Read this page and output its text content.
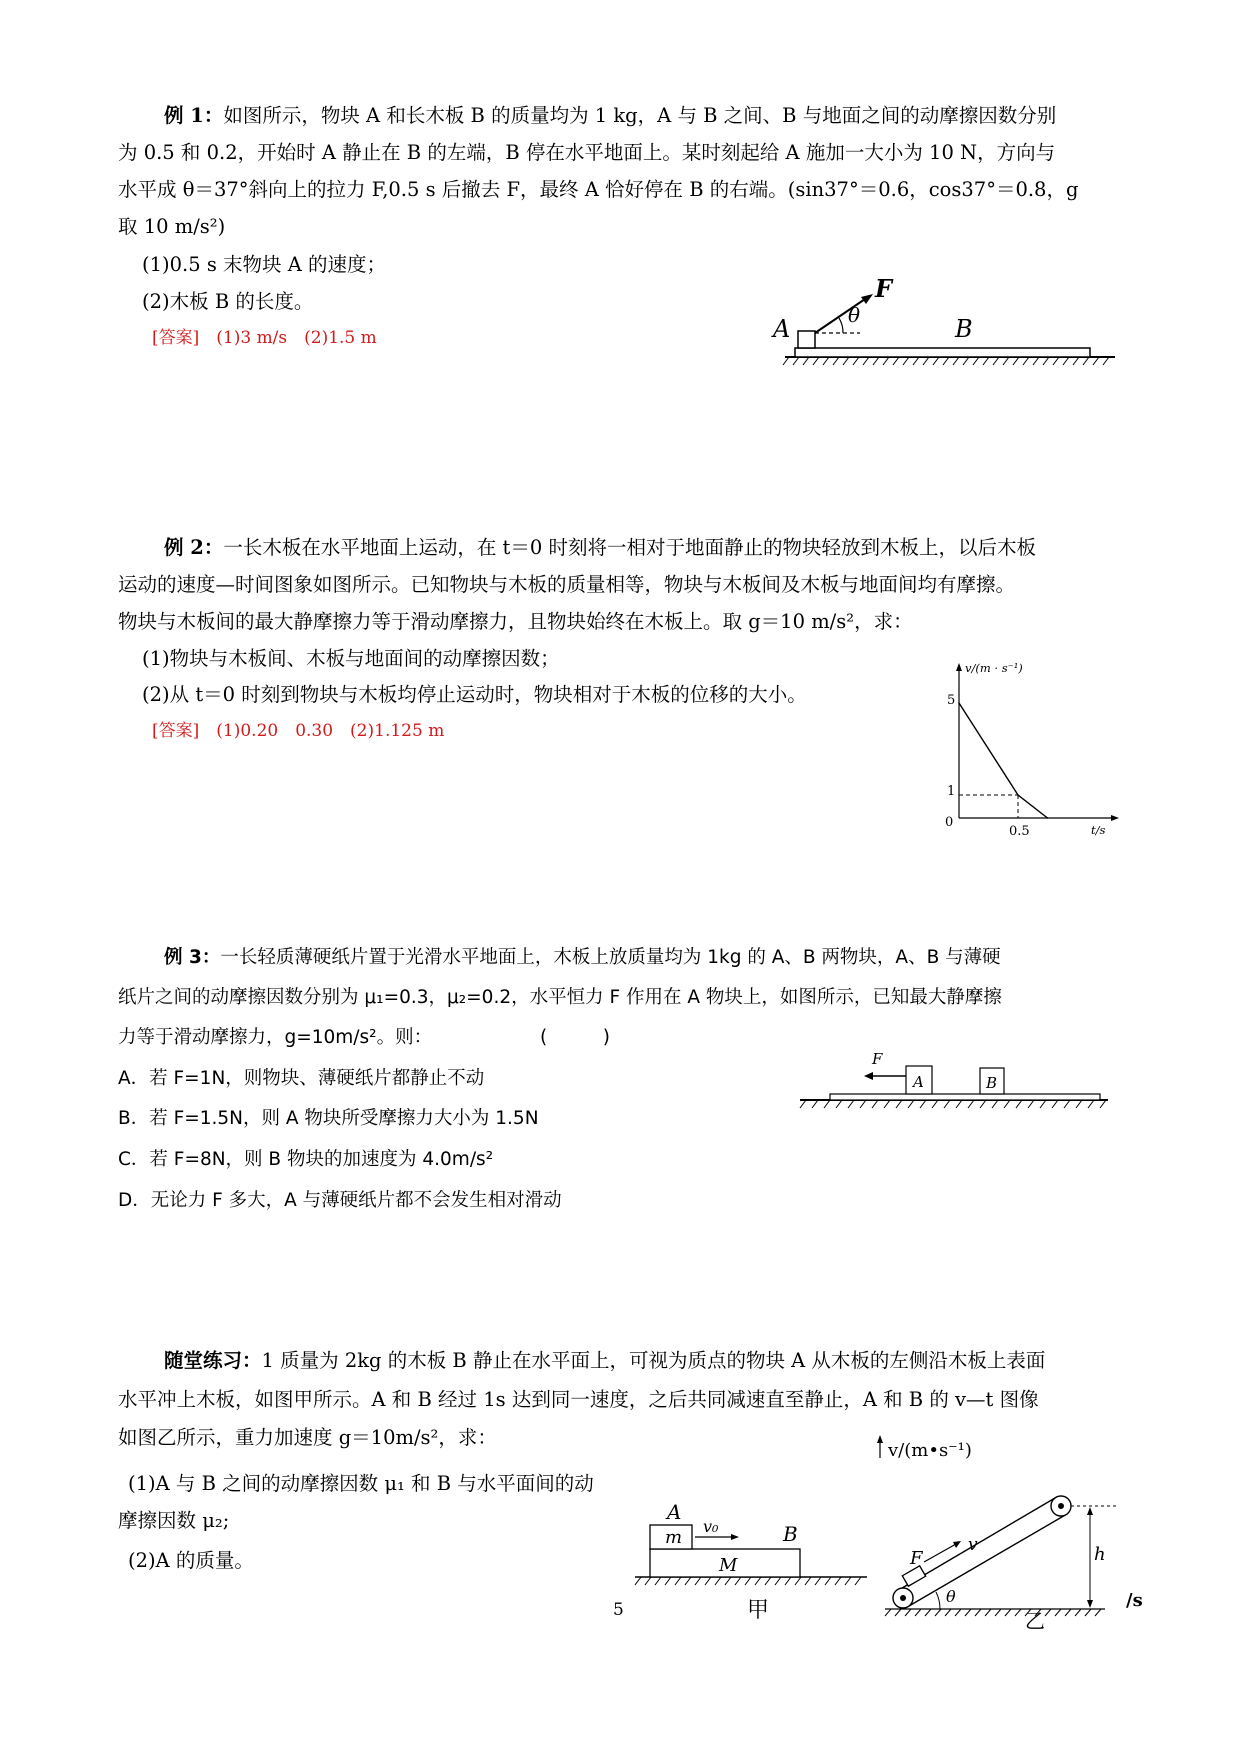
例 1：如图所示，物块 A 和长木板 B 的质量均为 1 kg，A 与 B 之间、B 与地面之间的动摩擦因数分别
为 0.5 和 0.2，开始时 A 静止在 B 的左端，B 停在水平地面上。某时刻起给 A 施加一大小为 10 N，方向与
水平成 θ＝37°斜向上的拉力 F,0.5 s 后撤去 F，最终 A 恰好停在 B 的右端。(sin37°＝0.6，cos37°＝0.8，g
取 10 m/s²)
(1)0.5 s 末物块 A 的速度；
(2)木板 B 的长度。
[答案]　(1)3 m/s　(2)1.5 m	A
F
θ	B
例 2：一长木板在水平地面上运动，在 t＝0 时刻将一相对于地面静止的物块轻放到木板上，以后木板
运动的速度—时间图象如图所示。已知物块与木板的质量相等，物块与木板间及木板与地面间均有摩擦。
物块与木板间的最大静摩擦力等于滑动摩擦力，且物块始终在木板上。取 g＝10 m/s²，求：
(1)物块与木板间、木板与地面间的动摩擦因数；
(2)从 t＝0 时刻到物块与木板均停止运动时，物块相对于木板的位移的大小。
[答案]　(1)0.20　0.30　(2)1.125 m
v/(m · s⁻¹)
t/s
5
1
0
0.5
例 3：一长轻质薄硬纸片置于光滑水平地面上，木板上放质量均为 1kg 的 A、B 两物块，A、B 与薄硬
纸片之间的动摩擦因数分别为 μ₁=0.3，μ₂=0.2，水平恒力 F 作用在 A 物块上，如图所示，已知最大静摩擦
力等于滑动摩擦力，g=10m/s²。则：	(　　　)
A．若 F=1N，则物块、薄硬纸片都静止不动
B．若 F=1.5N，则 A 物块所受摩擦力大小为 1.5N
C．若 F=8N，则 B 物块的加速度为 4.0m/s²
D．无论力 F 多大，A 与薄硬纸片都不会发生相对滑动
F
A	B
随堂练习：1 质量为 2kg 的木板 B 静止在水平面上，可视为质点的物块 A 从木板的左侧沿木板上表面
水平冲上木板，如图甲所示。A 和 B 经过 1s 达到同一速度，之后共同减速直至静止，A 和 B 的 v—t 图像
如图乙所示，重力加速度 g＝10m/s²，求：
(1)A 与 B 之间的动摩擦因数 μ₁ 和 B 与水平面间的动
摩擦因数 μ₂;
(2)A 的质量。
A
m
v₀	B
M
甲
v/(m•s⁻¹)
F
v	h
θ	/s
乙
5
